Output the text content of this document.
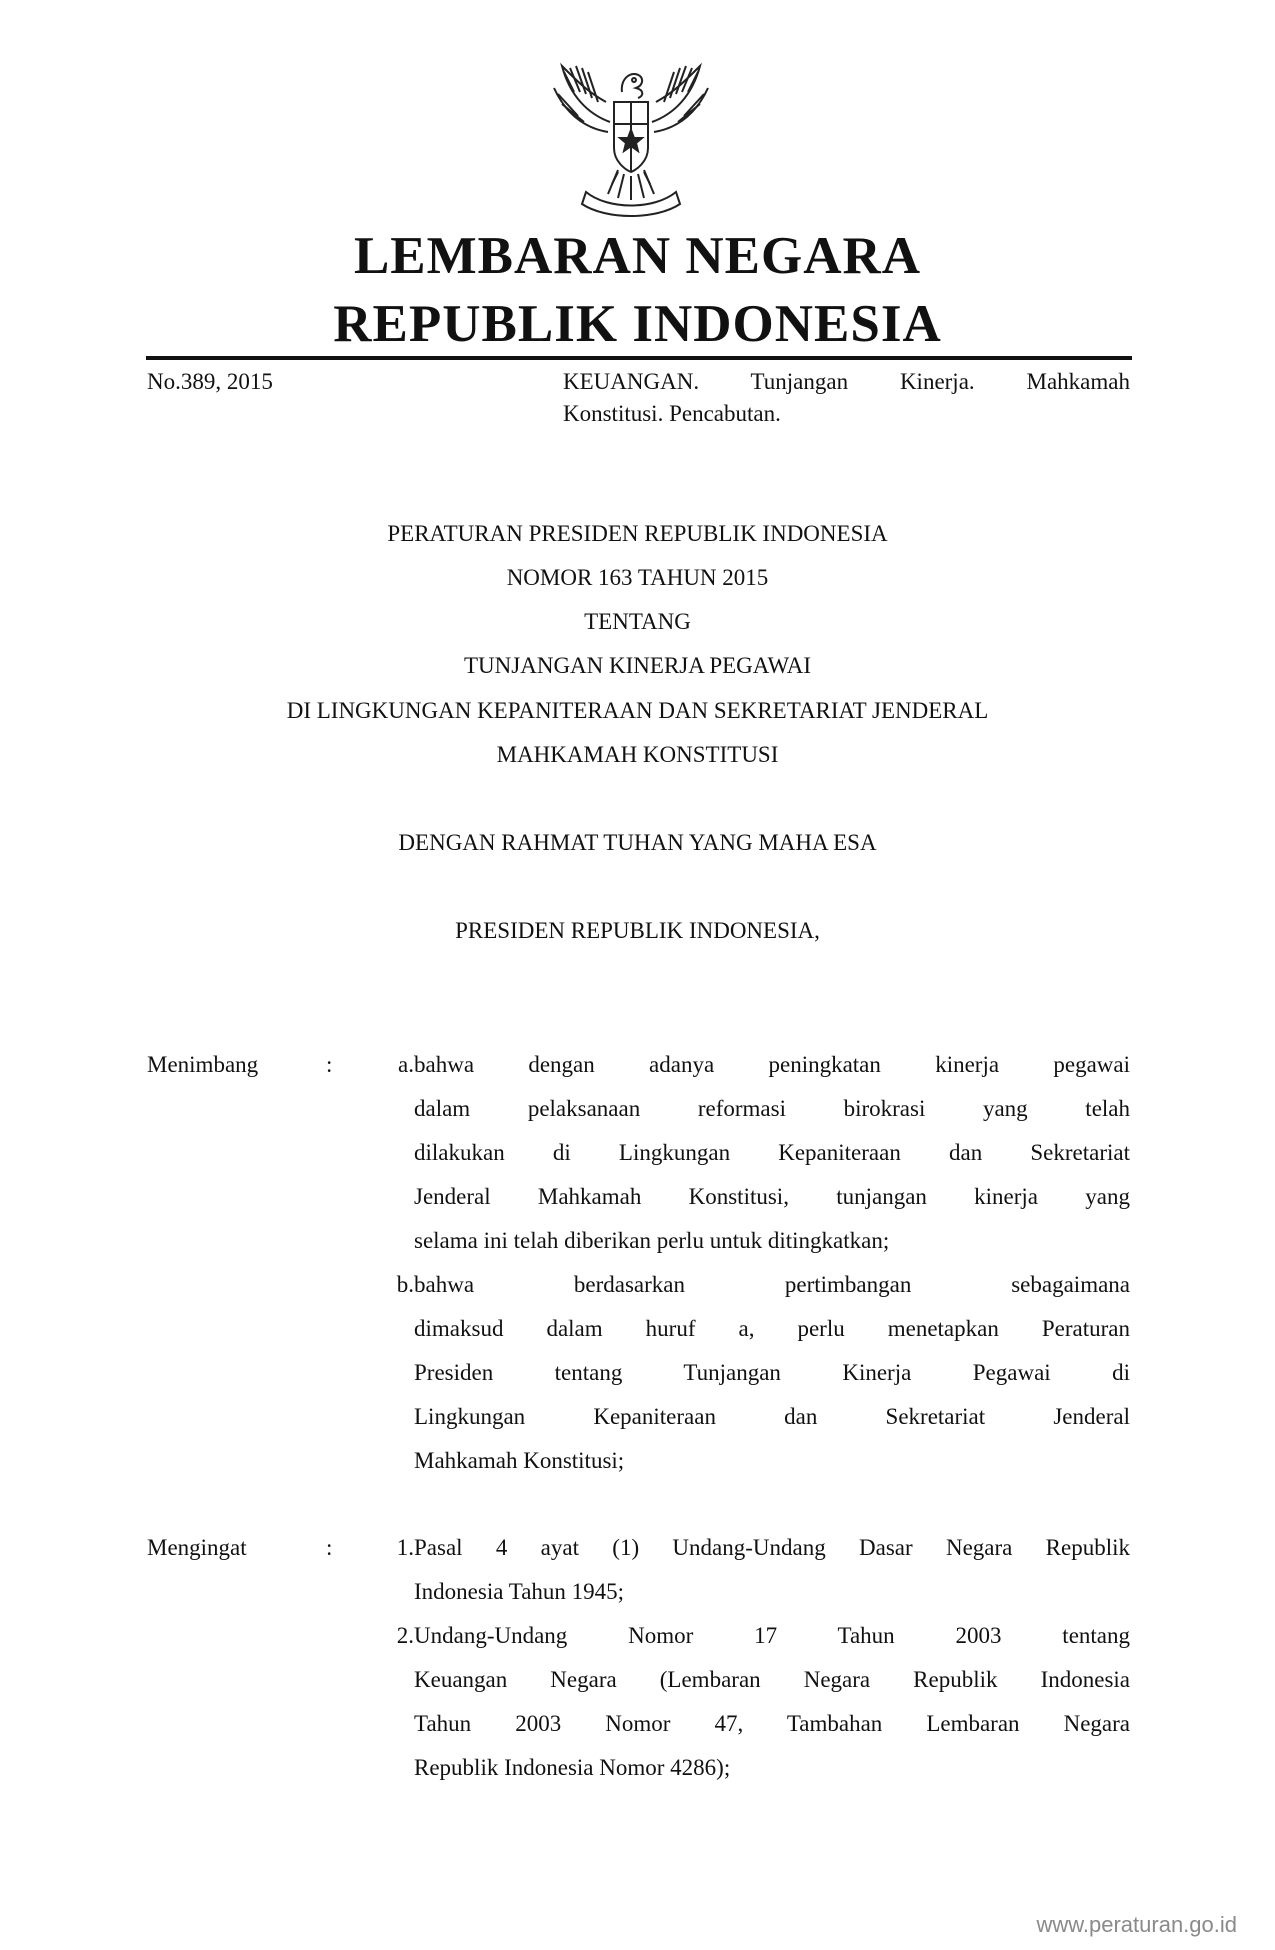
LEMBARAN NEGARA
REPUBLIK INDONESIA
No.389, 2015	KEUANGAN. Tunjangan Kinerja. Mahkamah
Konstitusi. Pencabutan.
PERATURAN PRESIDEN REPUBLIK INDONESIA
NOMOR 163 TAHUN 2015
TENTANG
TUNJANGAN KINERJA PEGAWAI
DI LINGKUNGAN KEPANITERAAN DAN SEKRETARIAT JENDERAL
MAHKAMAH KONSTITUSI
DENGAN RAHMAT TUHAN YANG MAHA ESA
PRESIDEN REPUBLIK INDONESIA,
Menimbang	:	a. bahwa dengan adanya peningkatan kinerja pegawai
dalam pelaksanaan reformasi birokrasi yang telah
dilakukan di Lingkungan Kepaniteraan dan Sekretariat
Jenderal Mahkamah Konstitusi, tunjangan kinerja yang
selama ini telah diberikan perlu untuk ditingkatkan;
b. bahwa berdasarkan pertimbangan sebagaimana
dimaksud dalam huruf a, perlu menetapkan Peraturan
Presiden tentang Tunjangan Kinerja Pegawai di
Lingkungan Kepaniteraan dan Sekretariat Jenderal
Mahkamah Konstitusi;
Mengingat	:	1. Pasal 4 ayat (1) Undang-Undang Dasar Negara Republik
Indonesia Tahun 1945;
2. Undang-Undang Nomor 17 Tahun 2003 tentang
Keuangan Negara (Lembaran Negara Republik Indonesia
Tahun 2003 Nomor 47, Tambahan Lembaran Negara
Republik Indonesia Nomor 4286);
www.peraturan.go.id
